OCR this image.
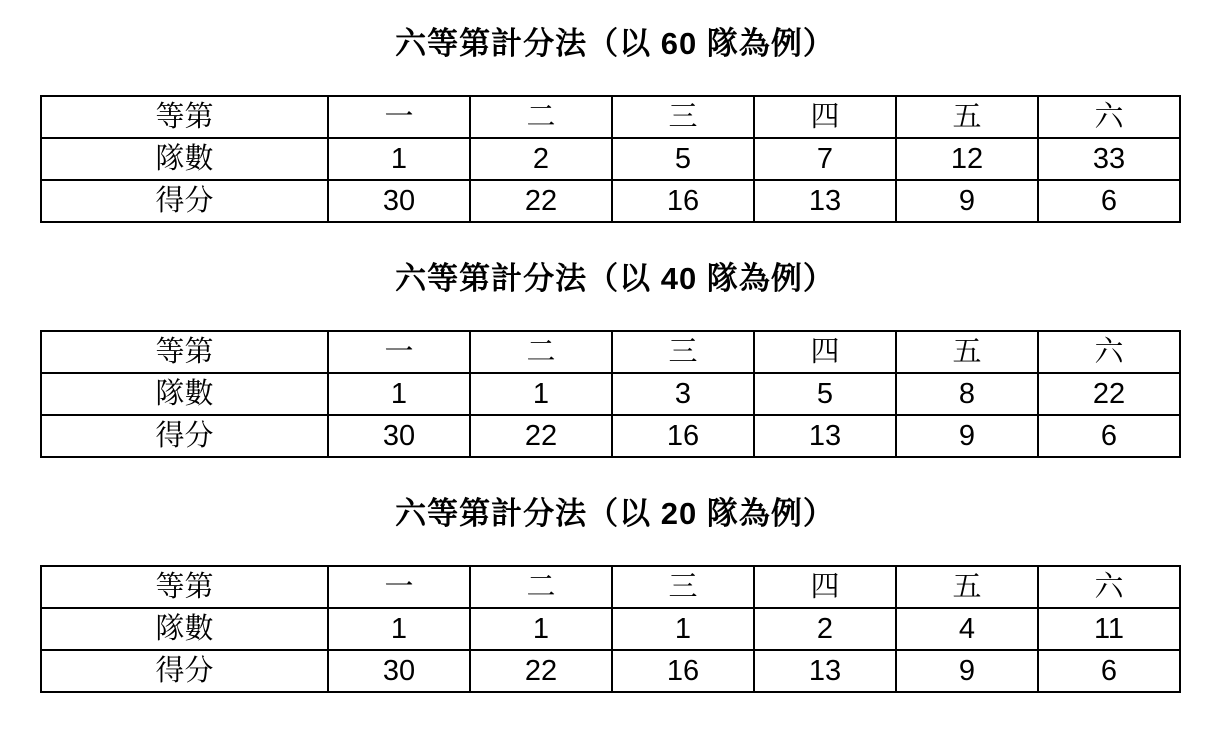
六等第計分法（以 60 隊為例）
等第	一	二	三	四	五	六
隊數	1	2	5	7	12	33
得分	30	22	16	13	9	6
六等第計分法（以 40 隊為例）
等第	一	二	三	四	五	六
隊數	1	1	3	5	8	22
得分	30	22	16	13	9	6
六等第計分法（以 20 隊為例）
等第	一	二	三	四	五	六
隊數	1	1	1	2	4	11
得分	30	22	16	13	9	6
